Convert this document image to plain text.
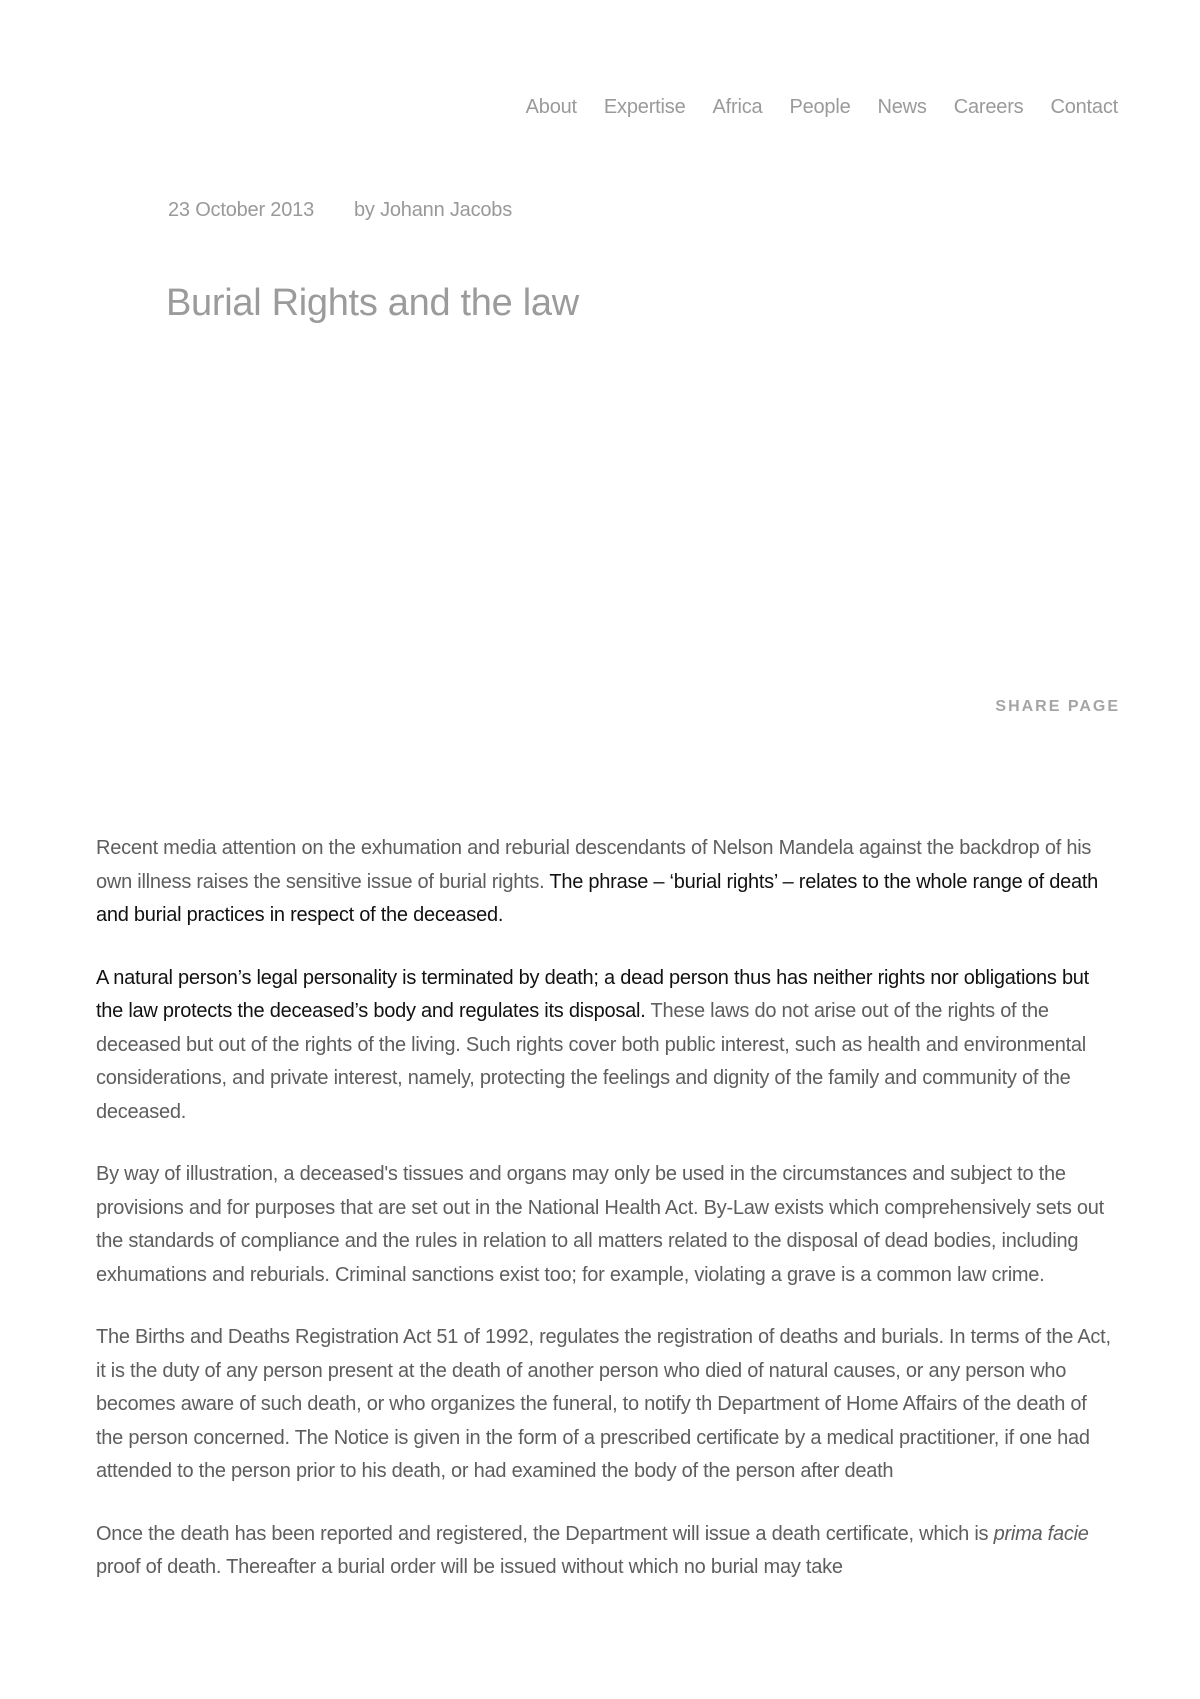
About Expertise Africa People News Careers Contact
23 October 2013 by Johann Jacobs
Burial Rights and the law
SHARE PAGE

Recent media attention on the exhumation and reburial descendants of Nelson Mandela against the backdrop of his own illness raises the sensitive issue of burial rights. The phrase – ‘burial rights’ – relates to the whole range of death and burial practices in respect of the deceased.

A natural person’s legal personality is terminated by death; a dead person thus has neither rights nor obligations but the law protects the deceased’s body and regulates its disposal. These laws do not arise out of the rights of the deceased but out of the rights of the living. Such rights cover both public interest, such as health and environmental considerations, and private interest, namely, protecting the feelings and dignity of the family and community of the deceased.

By way of illustration, a deceased's tissues and organs may only be used in the circumstances and subject to the provisions and for purposes that are set out in the National Health Act. By-Law exists which comprehensively sets out the standards of compliance and the rules in relation to all matters related to the disposal of dead bodies, including exhumations and reburials. Criminal sanctions exist too; for example, violating a grave is a common law crime.

The Births and Deaths Registration Act 51 of 1992, regulates the registration of deaths and burials. In terms of the Act, it is the duty of any person present at the death of another person who died of natural causes, or any person who becomes aware of such death, or who organizes the funeral, to notify th Department of Home Affairs of the death of the person concerned. The Notice is given in the form of a prescribed certificate by a medical practitioner, if one had attended to the person prior to his death, or had examined the body of the person after death

Once the death has been reported and registered, the Department will issue a death certificate, which is prima facie proof of death. Thereafter a burial order will be issued without which no burial may take
